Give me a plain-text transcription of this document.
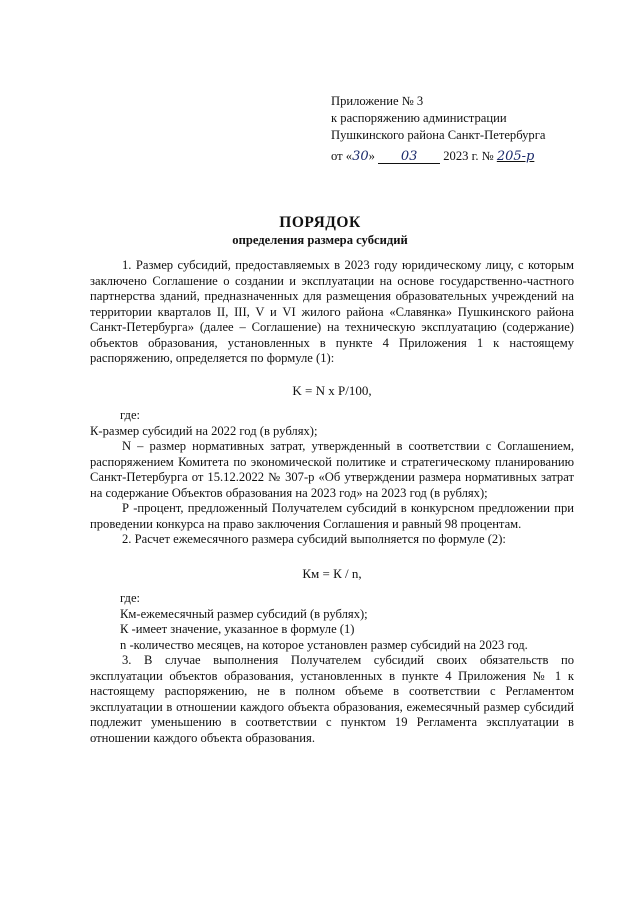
Приложение № 3
к распоряжению администрации
Пушкинского района Санкт-Петербурга
от «30» 03 2023 г. № 205-р
ПОРЯДОК
определения размера субсидий

1. Размер субсидий, предоставляемых в 2023 году юридическому лицу, с которым заключено Соглашение о создании и эксплуатации на основе государственно-частного партнерства зданий, предназначенных для размещения образовательных учреждений на территории кварталов II, III, V и VI жилого района «Славянка» Пушкинского района Санкт-Петербурга» (далее – Соглашение) на техническую эксплуатацию (содержание) объектов образования, установленных в пункте 4 Приложения 1 к настоящему распоряжению, определяется по формуле (1):

K = N x P/100,

где:

К-размер субсидий на 2022 год (в рублях);

N – размер нормативных затрат, утвержденный в соответствии с Соглашением, распоряжением Комитета по экономической политике и стратегическому планированию Санкт-Петербурга от 15.12.2022 № 307-р «Об утверждении размера нормативных затрат на содержание Объектов образования на 2023 год» на 2023 год (в рублях);

Р -процент, предложенный Получателем субсидий в конкурсном предложении при проведении конкурса на право заключения Соглашения и равный 98 процентам.

2. Расчет ежемесячного размера субсидий выполняется по формуле (2):

Км = К / n,

где:

Км-ежемесячный размер субсидий (в рублях);

К -имеет значение, указанное в формуле (1)

n -количество месяцев, на которое установлен размер субсидий на 2023 год.

3. В случае выполнения Получателем субсидий своих обязательств по эксплуатации объектов образования, установленных в пункте 4 Приложения № 1 к настоящему распоряжению, не в полном объеме в соответствии с Регламентом эксплуатации в отношении каждого объекта образования, ежемесячный размер субсидий подлежит уменьшению в соответствии с пунктом 19 Регламента эксплуатации в отношении каждого объекта образования.
